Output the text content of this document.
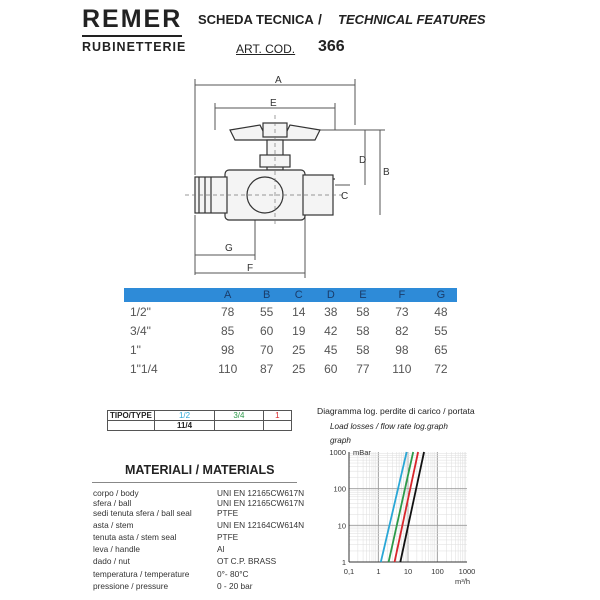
REMER
RUBINETTERIE
SCHEDA TECNICA / TECHNICAL FEATURES
ART. COD. 366
A
E
D
B
C
G
F
	A	B	C	D	E	F	G
1/2"	78	55	14	38	58	73	48
3/4"	85	60	19	42	58	82	55
1"	98	70	25	45	58	98	65
1"1/4	110	87	25	60	77	110	72
TIPO/TYPE	1/2	3/4	1
	11/4		
MATERIALI / MATERIALS
corpo / body	UNI EN 12165CW617N
sfera / ball	UNI EN 12165CW617N
sedi tenuta sfera / ball seal	PTFE
asta / stem	UNI EN 12164CW614N
tenuta asta / stem seal	PTFE
leva / handle	Al
dado / nut	OT C.P. BRASS
temperatura / temperature	0°- 80°C
pressione / pressure	0 - 20 bar
Diagramma log. perdite di carico / portata
Load losses / flow rate log.graph
graph
1000
100
10
1
mBar
0,1	1	10	100 1000
m³/h
